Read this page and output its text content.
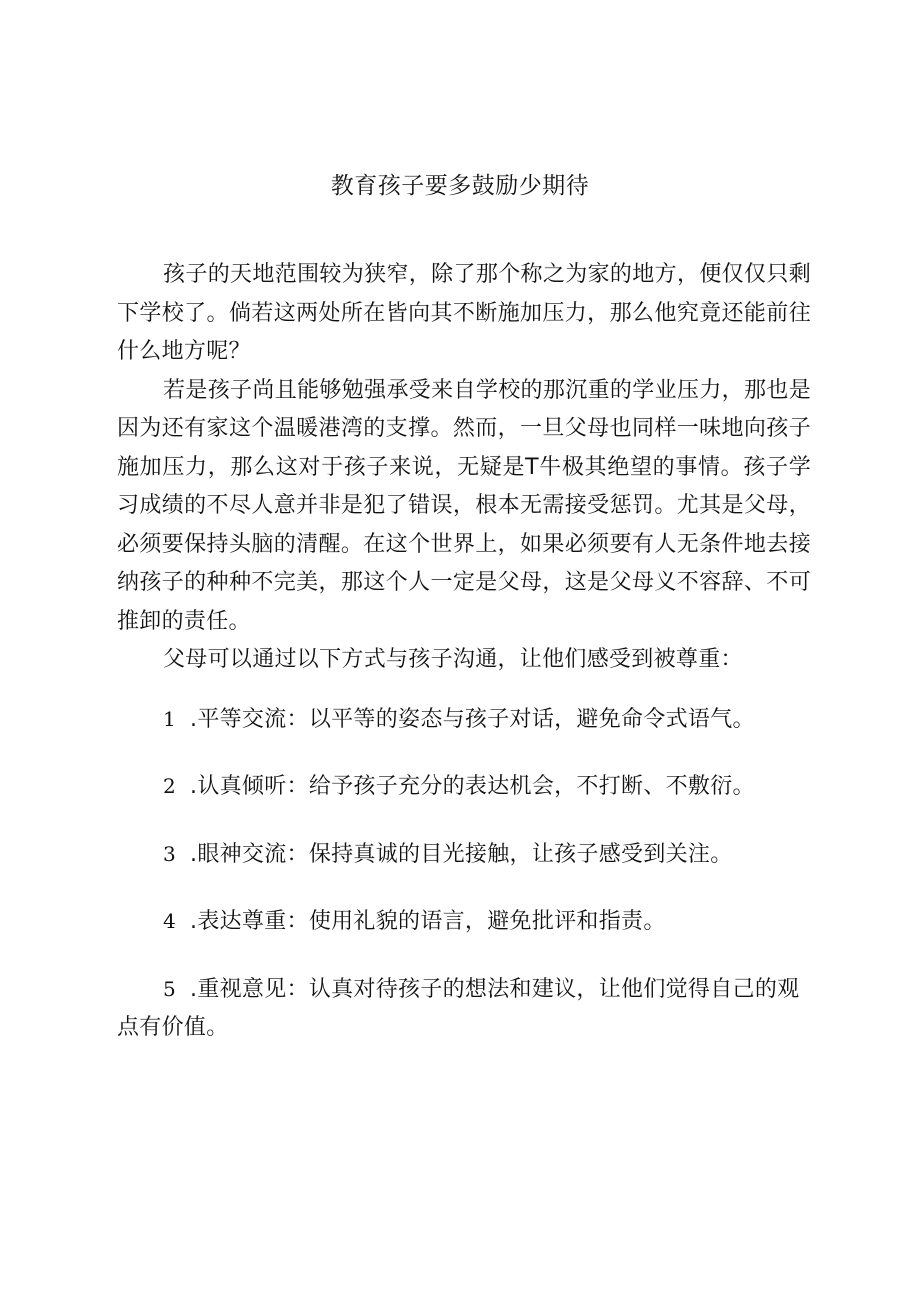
教育孩子要多鼓励少期待

孩子的天地范围较为狭窄，除了那个称之为家的地方，便仅仅只剩下学校了。倘若这两处所在皆向其不断施加压力，那么他究竟还能前往什么地方呢？

若是孩子尚且能够勉强承受来自学校的那沉重的学业压力，那也是因为还有家这个温暖港湾的支撑。然而，一旦父母也同样一味地向孩子施加压力，那么这对于孩子来说，无疑是T牛极其绝望的事情。孩子学习成绩的不尽人意并非是犯了错误，根本无需接受惩罚。尤其是父母，必须要保持头脑的清醒。在这个世界上，如果必须要有人无条件地去接纳孩子的种种不完美，那这个人一定是父母，这是父母义不容辞、不可推卸的责任。

父母可以通过以下方式与孩子沟通，让他们感受到被尊重：

1 .平等交流：以平等的姿态与孩子对话，避免命令式语气。
2 .认真倾听：给予孩子充分的表达机会，不打断、不敷衍。
3 .眼神交流：保持真诚的目光接触，让孩子感受到关注。
4 .表达尊重：使用礼貌的语言，避免批评和指责。
5 .重视意见：认真对待孩子的想法和建议，让他们觉得自己的观点有价值。
